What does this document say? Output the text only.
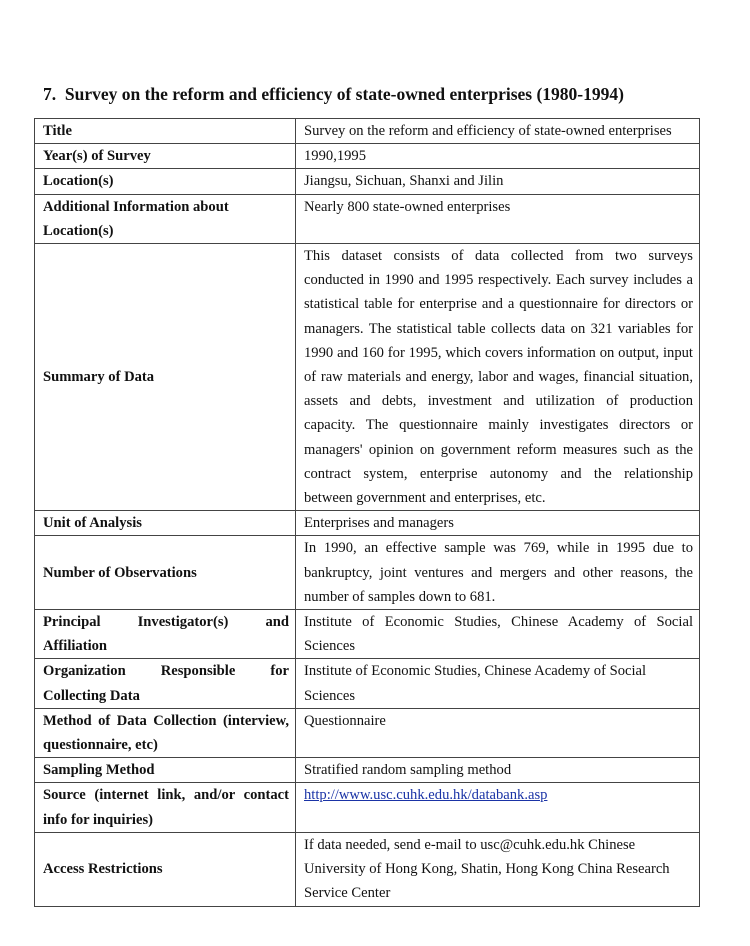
7.  Survey on the reform and efficiency of state-owned enterprises (1980-1994)
Title	Survey on the reform and efficiency of state-owned enterprises
Year(s) of Survey	1990,1995
Location(s)	Jiangsu, Sichuan, Shanxi and Jilin
Additional Information about Location(s)	Nearly 800 state-owned enterprises
Summary of Data	This dataset consists of data collected from two surveys conducted in 1990 and 1995 respectively. Each survey includes a statistical table for enterprise and a questionnaire for directors or managers. The statistical table collects data on 321 variables for 1990 and 160 for 1995, which covers information on output, input of raw materials and energy, labor and wages, financial situation, assets and debts, investment and utilization of production capacity. The questionnaire mainly investigates directors or managers' opinion on government reform measures such as the contract system, enterprise autonomy and the relationship between government and enterprises, etc.
Unit of Analysis	Enterprises and managers
Number of Observations	In 1990, an effective sample was 769, while in 1995 due to bankruptcy, joint ventures and mergers and other reasons, the number of samples down to 681.
Principal Investigator(s) and Affiliation	Institute of Economic Studies, Chinese Academy of Social Sciences
Organization Responsible for Collecting Data	Institute of Economic Studies, Chinese Academy of Social Sciences
Method of Data Collection (interview, questionnaire, etc)	Questionnaire
Sampling Method	Stratified random sampling method
Source (internet link, and/or contact info for inquiries)	http://www.usc.cuhk.edu.hk/databank.asp
Access Restrictions	If data needed, send e-mail to usc@cuhk.edu.hk Chinese University of Hong Kong, Shatin, Hong Kong China Research Service Center
